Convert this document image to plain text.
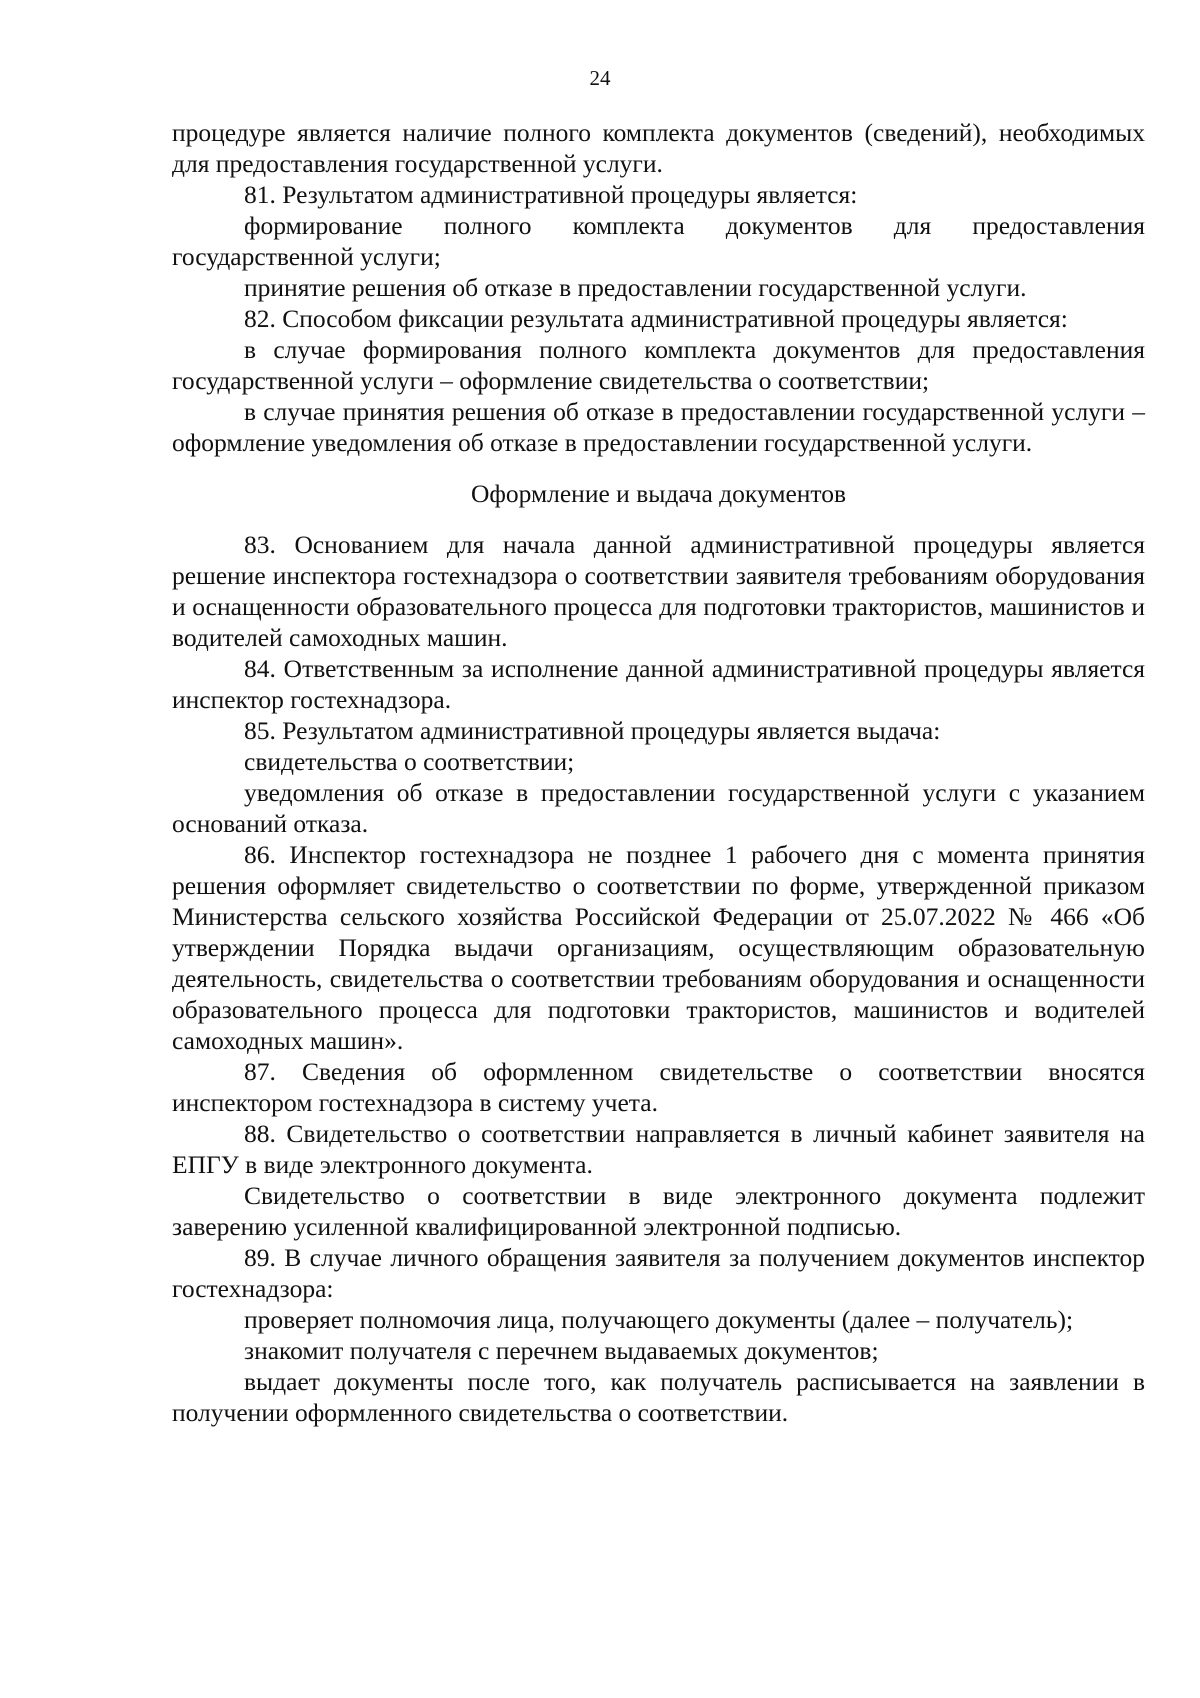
24

процедуре является наличие полного комплекта документов (сведений), необходимых для предоставления государственной услуги.

81. Результатом административной процедуры является:

формирование полного комплекта документов для предоставления государственной услуги;

принятие решения об отказе в предоставлении государственной услуги.

82. Способом фиксации результата административной процедуры является:

в случае формирования полного комплекта документов для предоставления государственной услуги – оформление свидетельства о соответствии;

в случае принятия решения об отказе в предоставлении государственной услуги – оформление уведомления об отказе в предоставлении государственной услуги.

Оформление и выдача документов

83. Основанием для начала данной административной процедуры является решение инспектора гостехнадзора о соответствии заявителя требованиям оборудования и оснащенности образовательного процесса для подготовки трактористов, машинистов и водителей самоходных машин.

84. Ответственным за исполнение данной административной процедуры является инспектор гостехнадзора.

85. Результатом административной процедуры является выдача:

свидетельства о соответствии;

уведомления об отказе в предоставлении государственной услуги с указанием оснований отказа.

86. Инспектор гостехнадзора не позднее 1 рабочего дня с момента принятия решения оформляет свидетельство о соответствии по форме, утвержденной приказом Министерства сельского хозяйства Российской Федерации от 25.07.2022 № 466 «Об утверждении Порядка выдачи организациям, осуществляющим образовательную деятельность, свидетельства о соответствии требованиям оборудования и оснащенности образовательного процесса для подготовки трактористов, машинистов и водителей самоходных машин».

87. Сведения об оформленном свидетельстве о соответствии вносятся инспектором гостехнадзора в систему учета.

88. Свидетельство о соответствии направляется в личный кабинет заявителя на ЕПГУ в виде электронного документа.

Свидетельство о соответствии в виде электронного документа подлежит заверению усиленной квалифицированной электронной подписью.

89. В случае личного обращения заявителя за получением документов инспектор гостехнадзора:

проверяет полномочия лица, получающего документы (далее – получатель);

знакомит получателя с перечнем выдаваемых документов;

выдает документы после того, как получатель расписывается на заявлении в получении оформленного свидетельства о соответствии.
